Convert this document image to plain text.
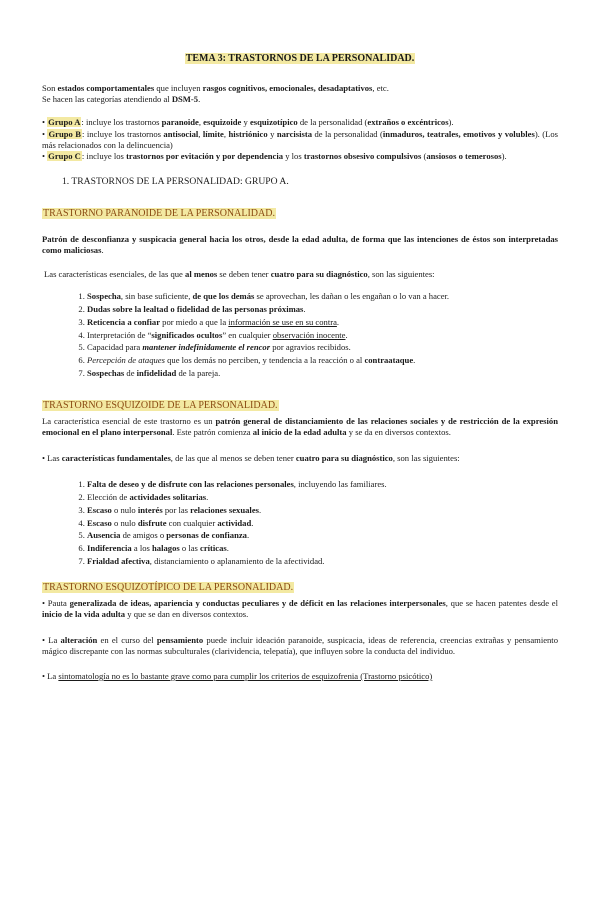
TEMA 3: TRASTORNOS DE LA PERSONALIDAD.

Son estados comportamentales que incluyen rasgos cognitivos, emocionales, desadaptativos, etc.

Se hacen las categorías atendiendo al DSM-5.

• Grupo A: incluye los trastornos paranoide, esquizoide y esquizotípico de la personalidad (extraños o excéntricos).

• Grupo B: incluye los trastornos antisocial, límite, histriónico y narcisista de la personalidad (inmaduros, teatrales, emotivos y volubles). (Los más relacionados con la delincuencia)

• Grupo C: incluye los trastornos por evitación y por dependencia y los trastornos obsesivo compulsivos (ansiosos o temerosos).

1. TRASTORNOS DE LA PERSONALIDAD: GRUPO A.
TRASTORNO PARANOIDE DE LA PERSONALIDAD.

Patrón de desconfianza y suspicacia general hacia los otros, desde la edad adulta, de forma que las intenciones de éstos son interpretadas como maliciosas.

Las características esenciales, de las que al menos se deben tener cuatro para su diagnóstico, son las siguientes:

1. Sospecha, sin base suficiente, de que los demás se aprovechan, les dañan o les engañan o lo van a hacer.
2. Dudas sobre la lealtad o fidelidad de las personas próximas.
3. Reticencia a confiar por miedo a que la información se use en su contra.
4. Interpretación de “significados ocultos” en cualquier observación inocente.
5. Capacidad para mantener indefinidamente el rencor por agravios recibidos.
6. Percepción de ataques que los demás no perciben, y tendencia a la reacción o al contraataque.
7. Sospechas de infidelidad de la pareja.
TRASTORNO ESQUIZOIDE DE LA PERSONALIDAD.

La característica esencial de este trastorno es un patrón general de distanciamiento de las relaciones sociales y de restricción de la expresión emocional en el plano interpersonal. Este patrón comienza al inicio de la edad adulta y se da en diversos contextos.

• Las características fundamentales, de las que al menos se deben tener cuatro para su diagnóstico, son las siguientes:

1. Falta de deseo y de disfrute con las relaciones personales, incluyendo las familiares.
2. Elección de actividades solitarias.
3. Escaso o nulo interés por las relaciones sexuales.
4. Escaso o nulo disfrute con cualquier actividad.
5. Ausencia de amigos o personas de confianza.
6. Indiferencia a los halagos o las críticas.
7. Frialdad afectiva, distanciamiento o aplanamiento de la afectividad.
TRASTORNO ESQUIZOTÍPICO DE LA PERSONALIDAD.

• Pauta generalizada de ideas, apariencia y conductas peculiares y de déficit en las relaciones interpersonales, que se hacen patentes desde el inicio de la vida adulta y que se dan en diversos contextos.

• La alteración en el curso del pensamiento puede incluir ideación paranoide, suspicacia, ideas de referencia, creencias extrañas y pensamiento mágico discrepante con las normas subculturales (clarividencia, telepatía), que influyen sobre la conducta del individuo.

• La sintomatología no es lo bastante grave como para cumplir los criterios de esquizofrenia (Trastorno psicótico)
